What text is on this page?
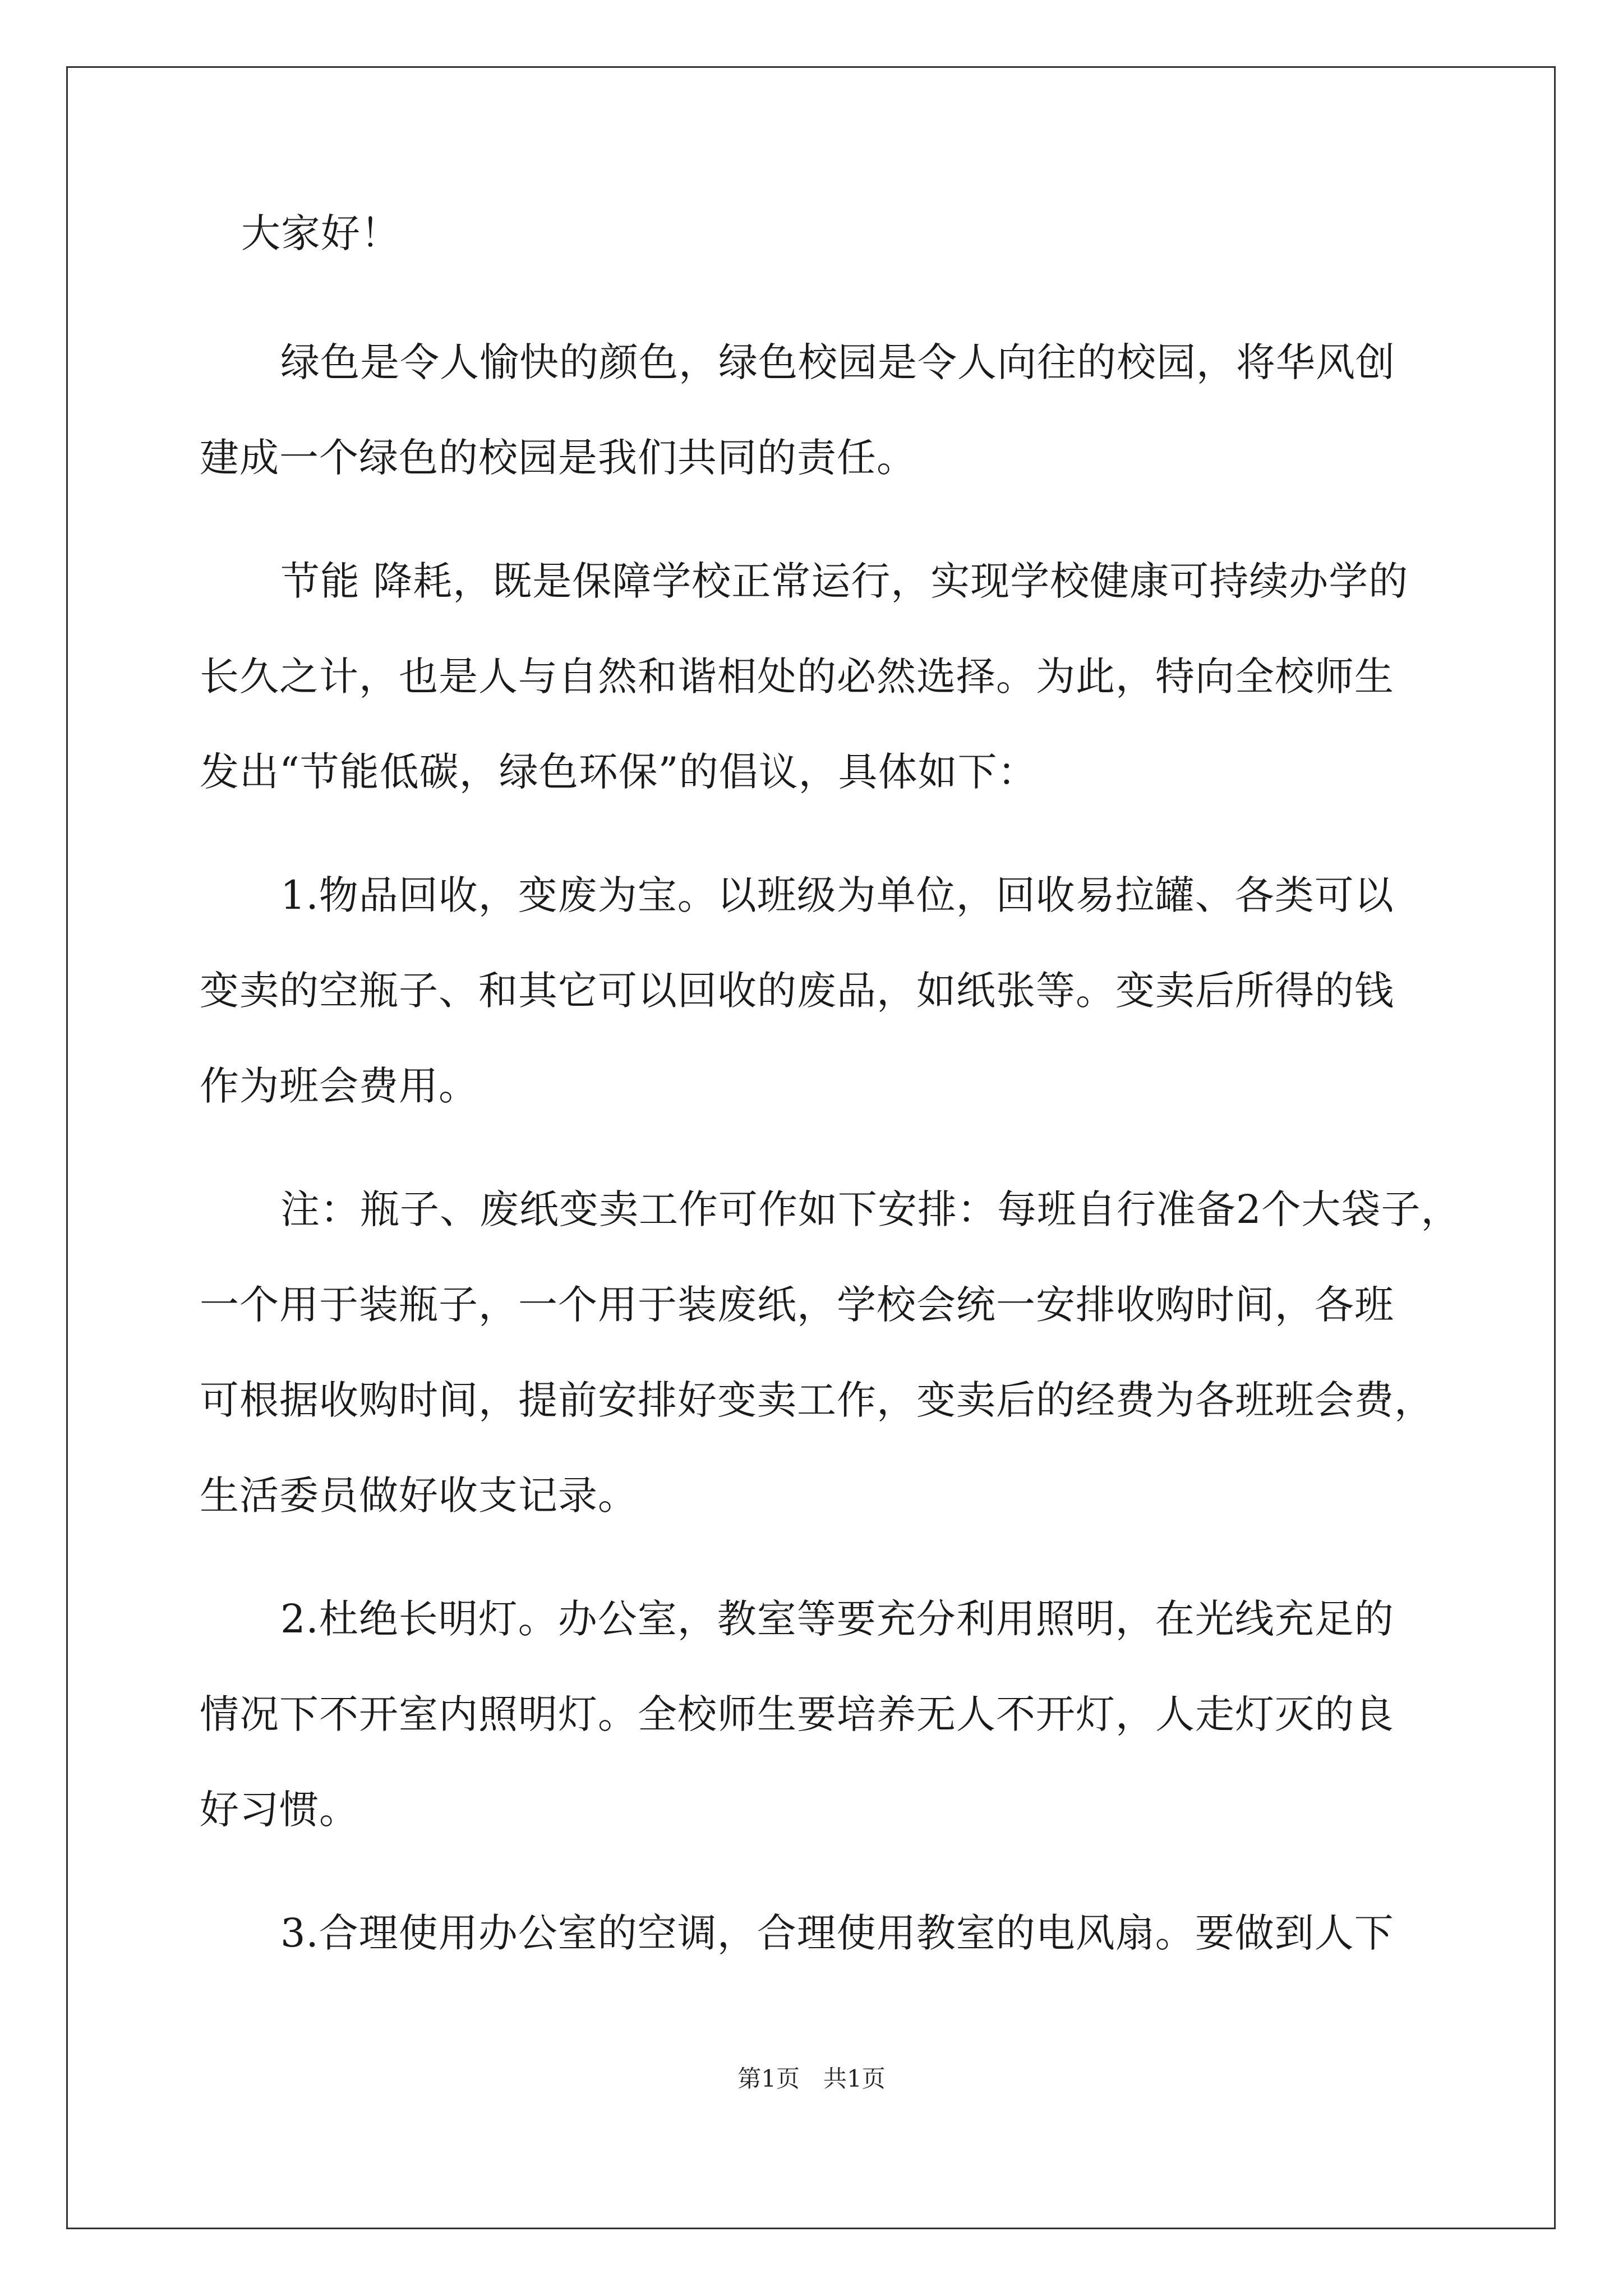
大家好！
绿色是令人愉快的颜色，绿色校园是令人向往的校园，将华风创
建成一个绿色的校园是我们共同的责任。
节能 降耗，既是保障学校正常运行，实现学校健康可持续办学的
长久之计，也是人与自然和谐相处的必然选择。为此，特向全校师生
发出“节能低碳，绿色环保”的倡议，具体如下：
1.物品回收，变废为宝。以班级为单位，回收易拉罐、各类可以
变卖的空瓶子、和其它可以回收的废品，如纸张等。变卖后所得的钱
作为班会费用。
注：瓶子、废纸变卖工作可作如下安排：每班自行准备2个大袋子，
一个用于装瓶子，一个用于装废纸，学校会统一安排收购时间，各班
可根据收购时间，提前安排好变卖工作，变卖后的经费为各班班会费，
生活委员做好收支记录。
2.杜绝长明灯。办公室，教室等要充分利用照明，在光线充足的
情况下不开室内照明灯。全校师生要培养无人不开灯，人走灯灭的良
好习惯。
3.合理使用办公室的空调，合理使用教室的电风扇。要做到人下
第1页　共1页
